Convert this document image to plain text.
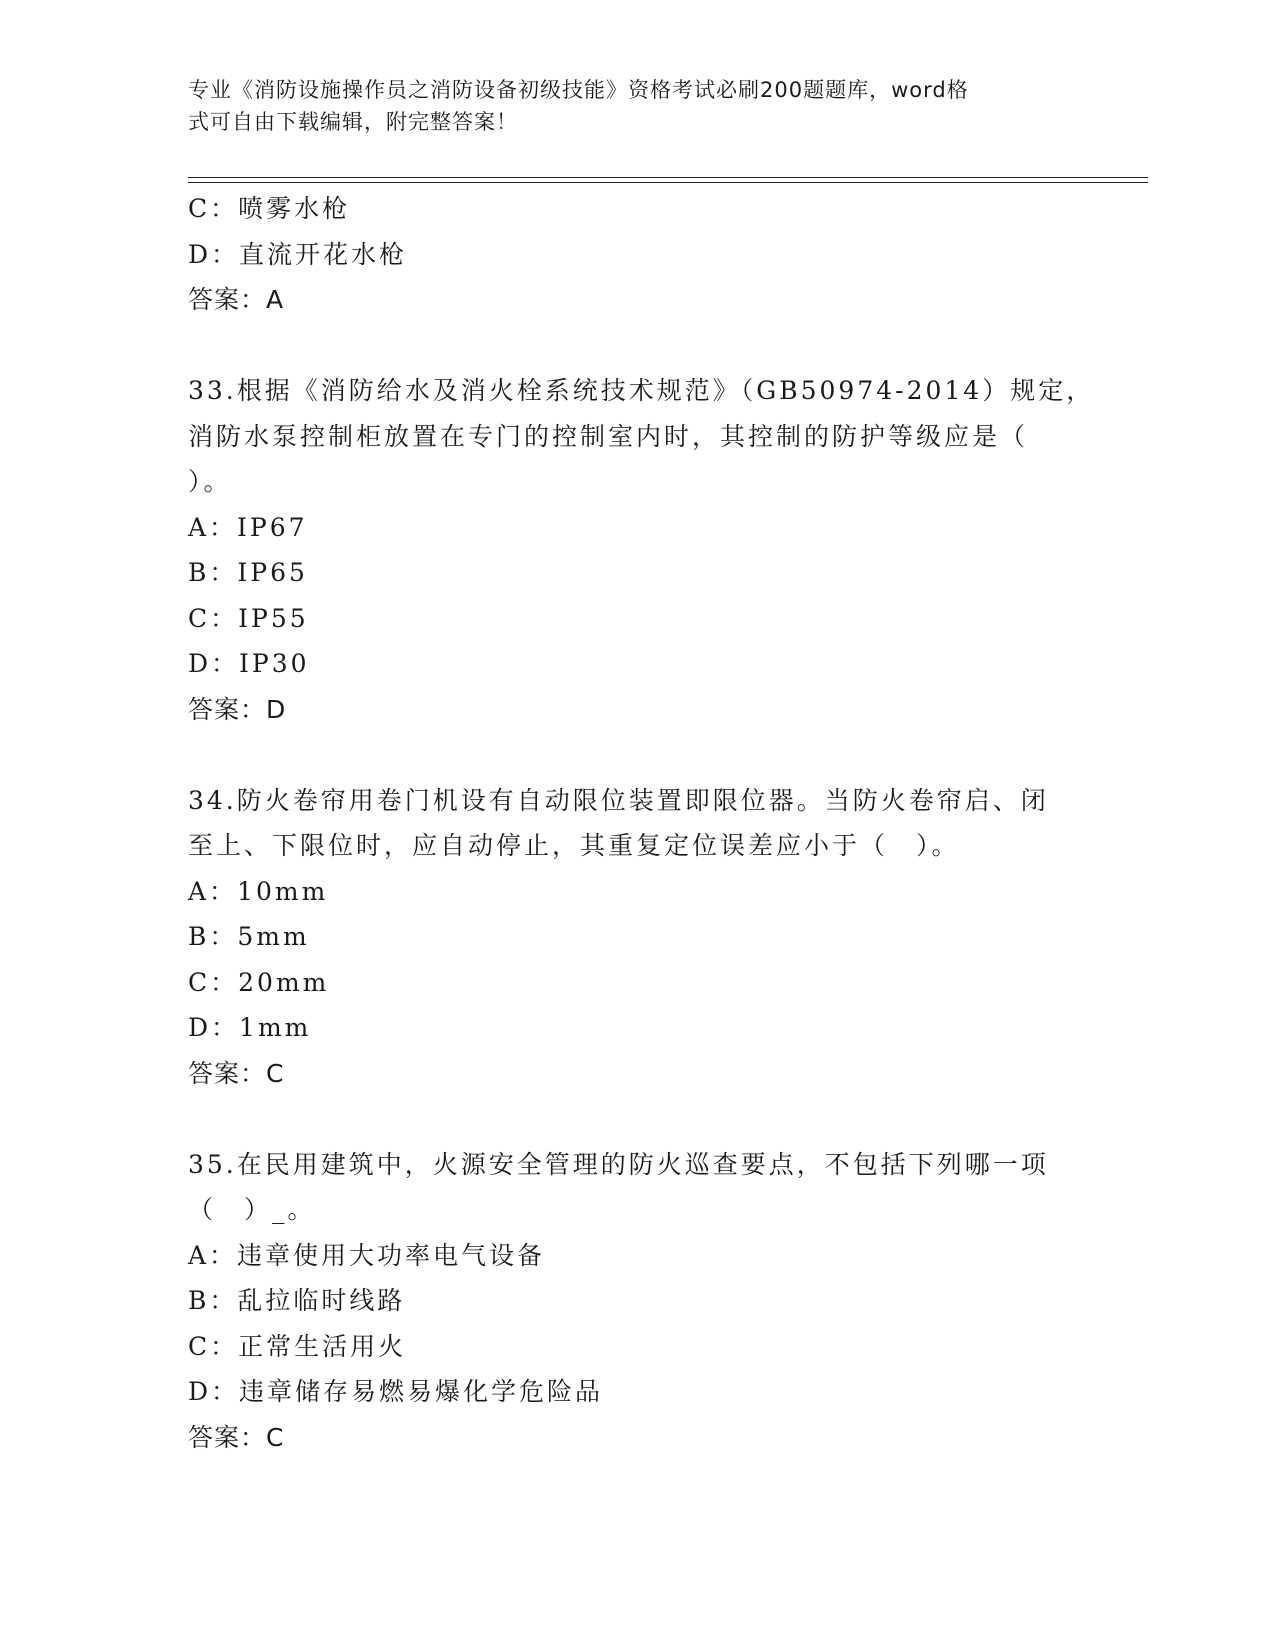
专业《消防设施操作员之消防设备初级技能》资格考试必刷200题题库，word格
式可自由下载编辑，附完整答案！
C：喷雾水枪
D：直流开花水枪
答案：A
33.根据《消防给水及消火栓系统技术规范》（GB50974-2014）规定，
消防水泵控制柜放置在专门的控制室内时，其控制的防护等级应是（
）。
A：IP67
B：IP65
C：IP55
D：IP30
答案：D
34.防火卷帘用卷门机设有自动限位装置即限位器。当防火卷帘启、闭
至上、下限位时，应自动停止，其重复定位误差应小于（　）。
A：10mm
B：5mm
C：20mm
D：1mm
答案：C
35.在民用建筑中，火源安全管理的防火巡查要点，不包括下列哪一项
（　）_。
A：违章使用大功率电气设备
B：乱拉临时线路
C：正常生活用火
D：违章储存易燃易爆化学危险品
答案：C
